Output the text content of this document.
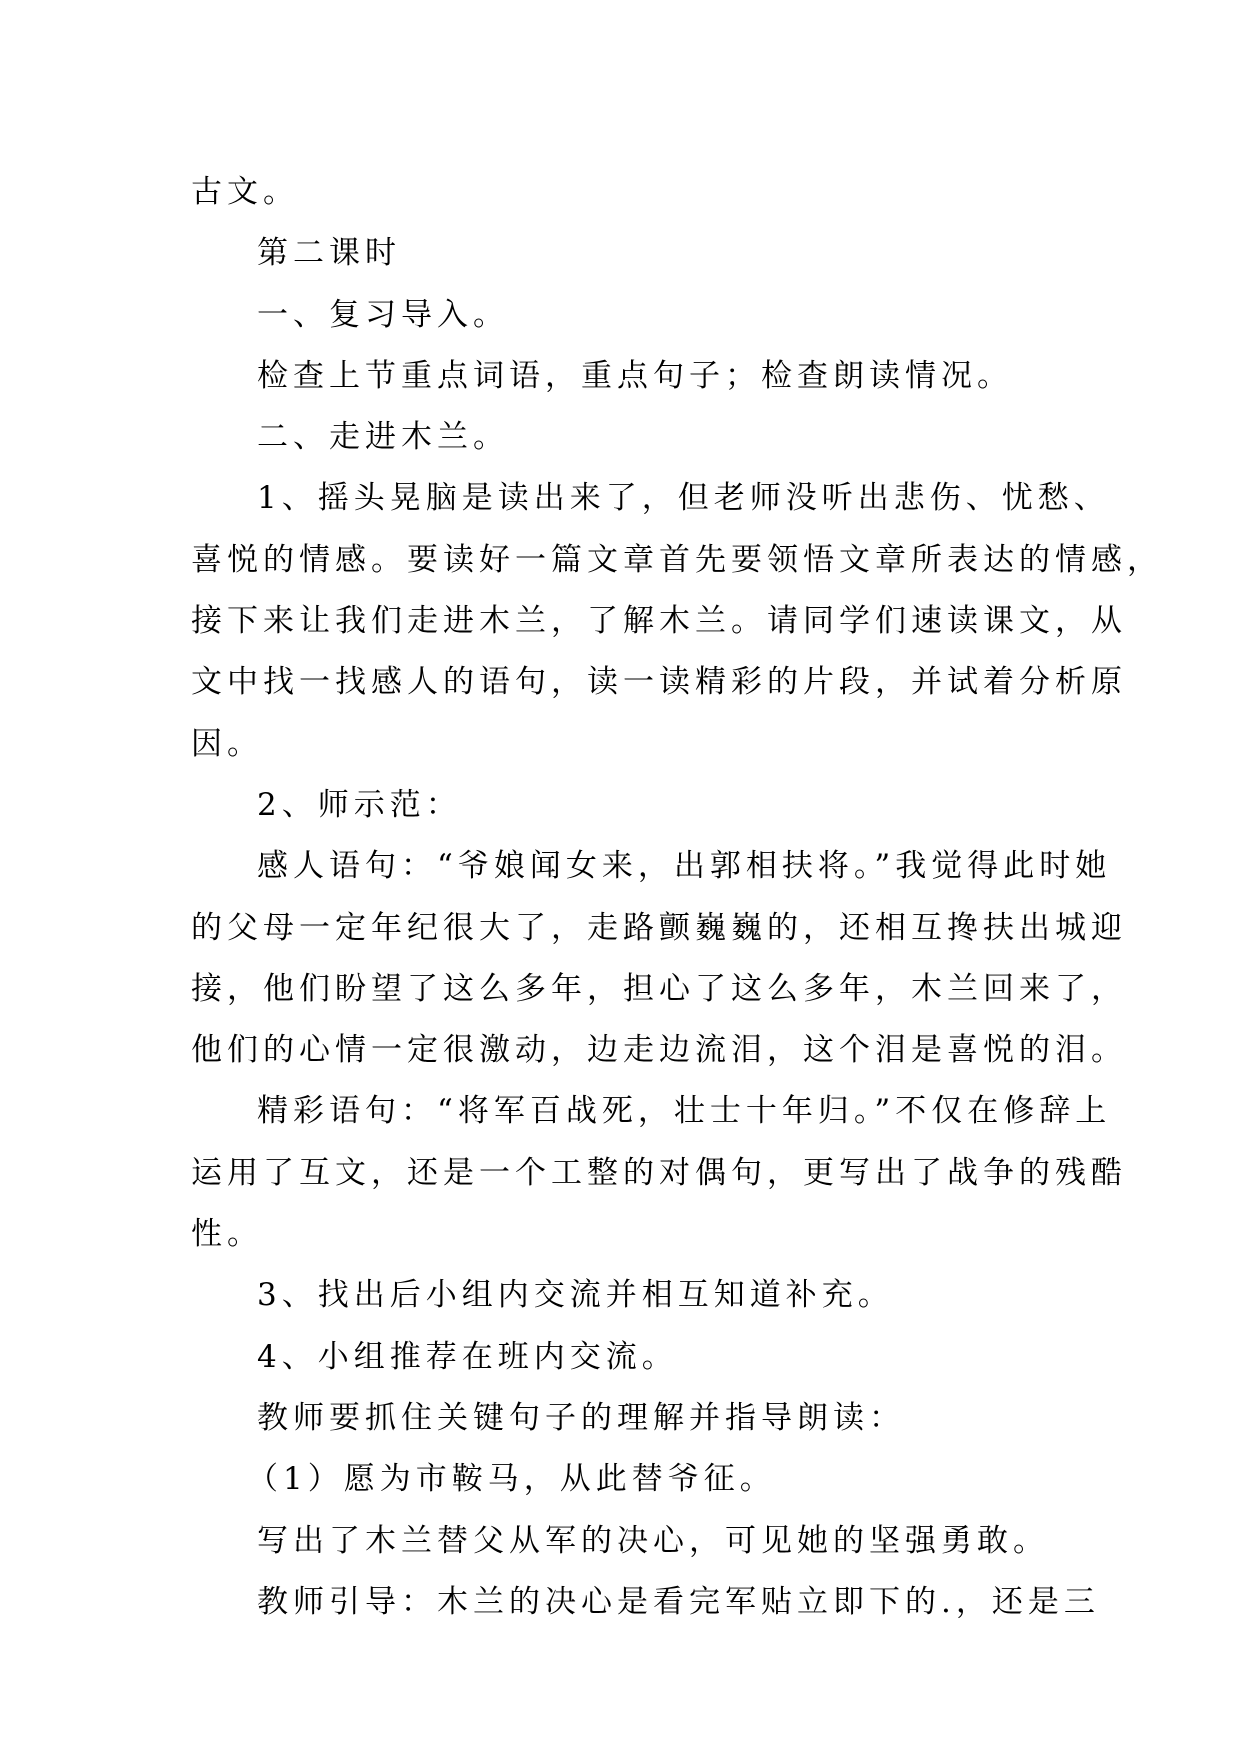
古文。

第二课时

一、复习导入。

检查上节重点词语，重点句子；检查朗读情况。

二、走进木兰。

1、摇头晃脑是读出来了，但老师没听出悲伤、忧愁、

喜悦的情感。要读好一篇文章首先要领悟文章所表达的情感，

接下来让我们走进木兰，了解木兰。请同学们速读课文，从

文中找一找感人的语句，读一读精彩的片段，并试着分析原

因。

2、师示范：

感人语句：“爷娘闻女来，出郭相扶将。”我觉得此时她

的父母一定年纪很大了，走路颤巍巍的，还相互搀扶出城迎

接，他们盼望了这么多年，担心了这么多年，木兰回来了，

他们的心情一定很激动，边走边流泪，这个泪是喜悦的泪。

精彩语句：“将军百战死，壮士十年归。”不仅在修辞上

运用了互文，还是一个工整的对偶句，更写出了战争的残酷

性。

3、找出后小组内交流并相互知道补充。

4、小组推荐在班内交流。

教师要抓住关键句子的理解并指导朗读：

（1）愿为市鞍马，从此替爷征。

写出了木兰替父从军的决心，可见她的坚强勇敢。

教师引导：木兰的决心是看完军贴立即下的.，还是三
